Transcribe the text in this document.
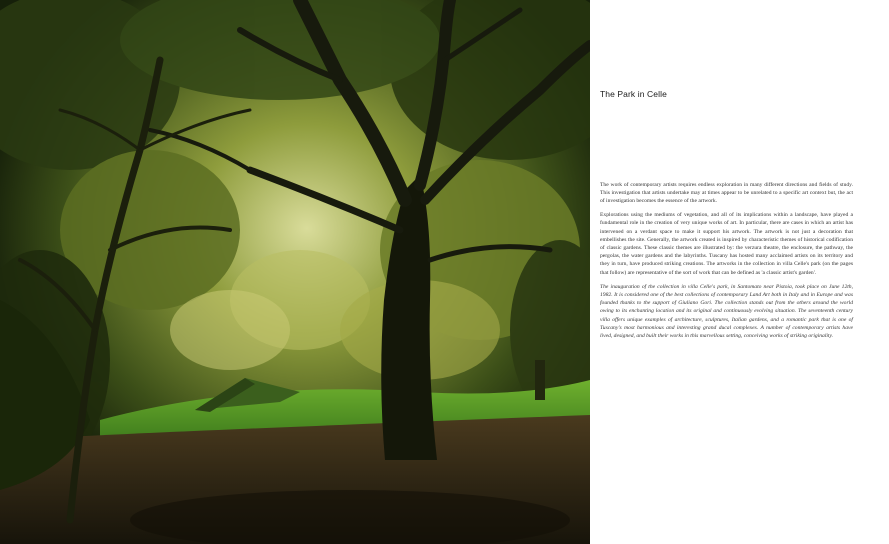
The Park in Celle

The work of contemporary artists requires endless exploration in many different directions and fields of study. This investigation that artists undertake may at times appear to be unrelated to a specific art context but, the act of investigation becomes the essence of the artwork.

Explorations using the mediums of vegetation, and all of its implications within a landscape, have played a fundamental role in the creation of very unique works of art. In particular, there are cases in which an artist has intervened on a verdant space to make it support his artwork. The artwork is not just a decoration that embellishes the site. Generally, the artwork created is inspired by characteristic themes of historical codification of classic gardens. These classic themes are illustrated by: the verzura theatre, the enclosure, the pathway, the pergolas, the water gardens and the labyrinths. Tuscany has hosted many acclaimed artists on its territory and they in turn, have produced striking creations. The artworks in the collection in villa Celle's park (on the pages that follow) are representative of the sort of work that can be defined as 'a classic artist's garden'.

The inauguration of the collection in villa Celle's park, in Santomato near Pistoia, took place on June 12th, 1982. It is considered one of the best collections of contemporary Land Art both in Italy and in Europe and was founded thanks to the support of Giuliano Gori. The collection stands out from the others around the world owing to its enchanting location and its original and continuously evolving situation. The seventeenth century villa offers unique examples of architecture, sculptures, Italian gardens, and a romantic park that is one of Tuscany's most harmonious and interesting grand ducal complexes. A number of contemporary artists have lived, designed, and built their works in this marvellous setting, conceiving works of striking originality.
